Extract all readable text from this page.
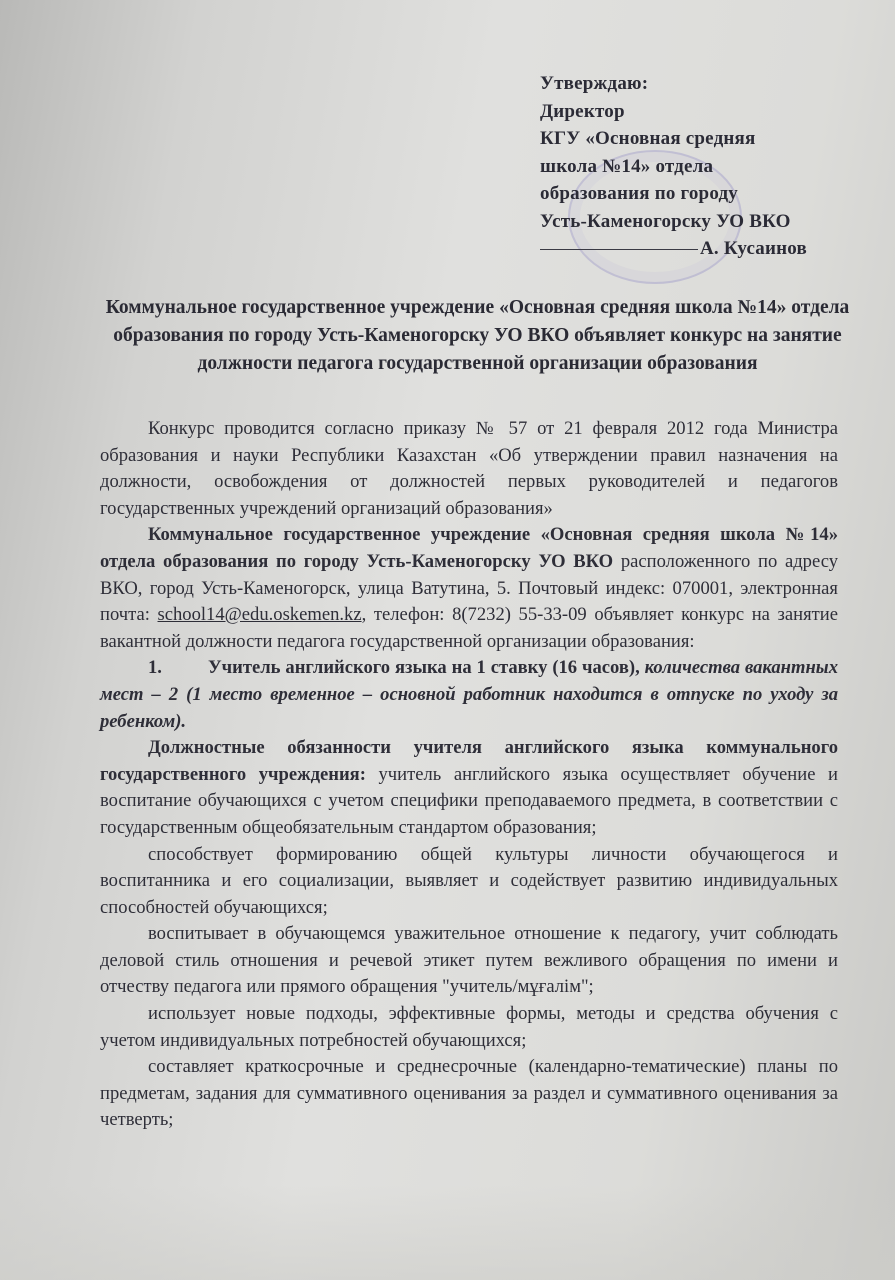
Утверждаю:
Директор
КГУ «Основная средняя
школа №14» отдела
образования по городу
Усть-Каменогорску УО ВКО
А. Кусаинов
Коммунальное государственное учреждение «Основная средняя школа №14» отдела образования по городу Усть-Каменогорску УО ВКО объявляет конкурс на занятие должности педагога государственной организации образования

Конкурс проводится согласно приказу № 57 от 21 февраля 2012 года Министра образования и науки Республики Казахстан «Об утверждении правил назначения на должности, освобождения от должностей первых руководителей и педагогов государственных учреждений организаций образования»

Коммунальное государственное учреждение «Основная средняя школа №14» отдела образования по городу Усть-Каменогорску УО ВКО расположенного по адресу ВКО, город Усть-Каменогорск, улица Ватутина, 5. Почтовый индекс: 070001, электронная почта: school14@edu.oskemen.kz, телефон: 8(7232) 55-33-09 объявляет конкурс на занятие вакантной должности педагога государственной организации образования:

1. Учитель английского языка на 1 ставку (16 часов), количества вакантных мест – 2 (1 место временное – основной работник находится в отпуске по уходу за ребенком).

Должностные обязанности учителя английского языка коммунального государственного учреждения: учитель английского языка осуществляет обучение и воспитание обучающихся с учетом специфики преподаваемого предмета, в соответствии с государственным общеобязательным стандартом образования;

способствует формированию общей культуры личности обучающегося и воспитанника и его социализации, выявляет и содействует развитию индивидуальных способностей обучающихся;

воспитывает в обучающемся уважительное отношение к педагогу, учит соблюдать деловой стиль отношения и речевой этикет путем вежливого обращения по имени и отчеству педагога или прямого обращения "учитель/мұғалім";

использует новые подходы, эффективные формы, методы и средства обучения с учетом индивидуальных потребностей обучающихся;

составляет краткосрочные и среднесрочные (календарно-тематические) планы по предметам, задания для суммативного оценивания за раздел и суммативного оценивания за четверть;
